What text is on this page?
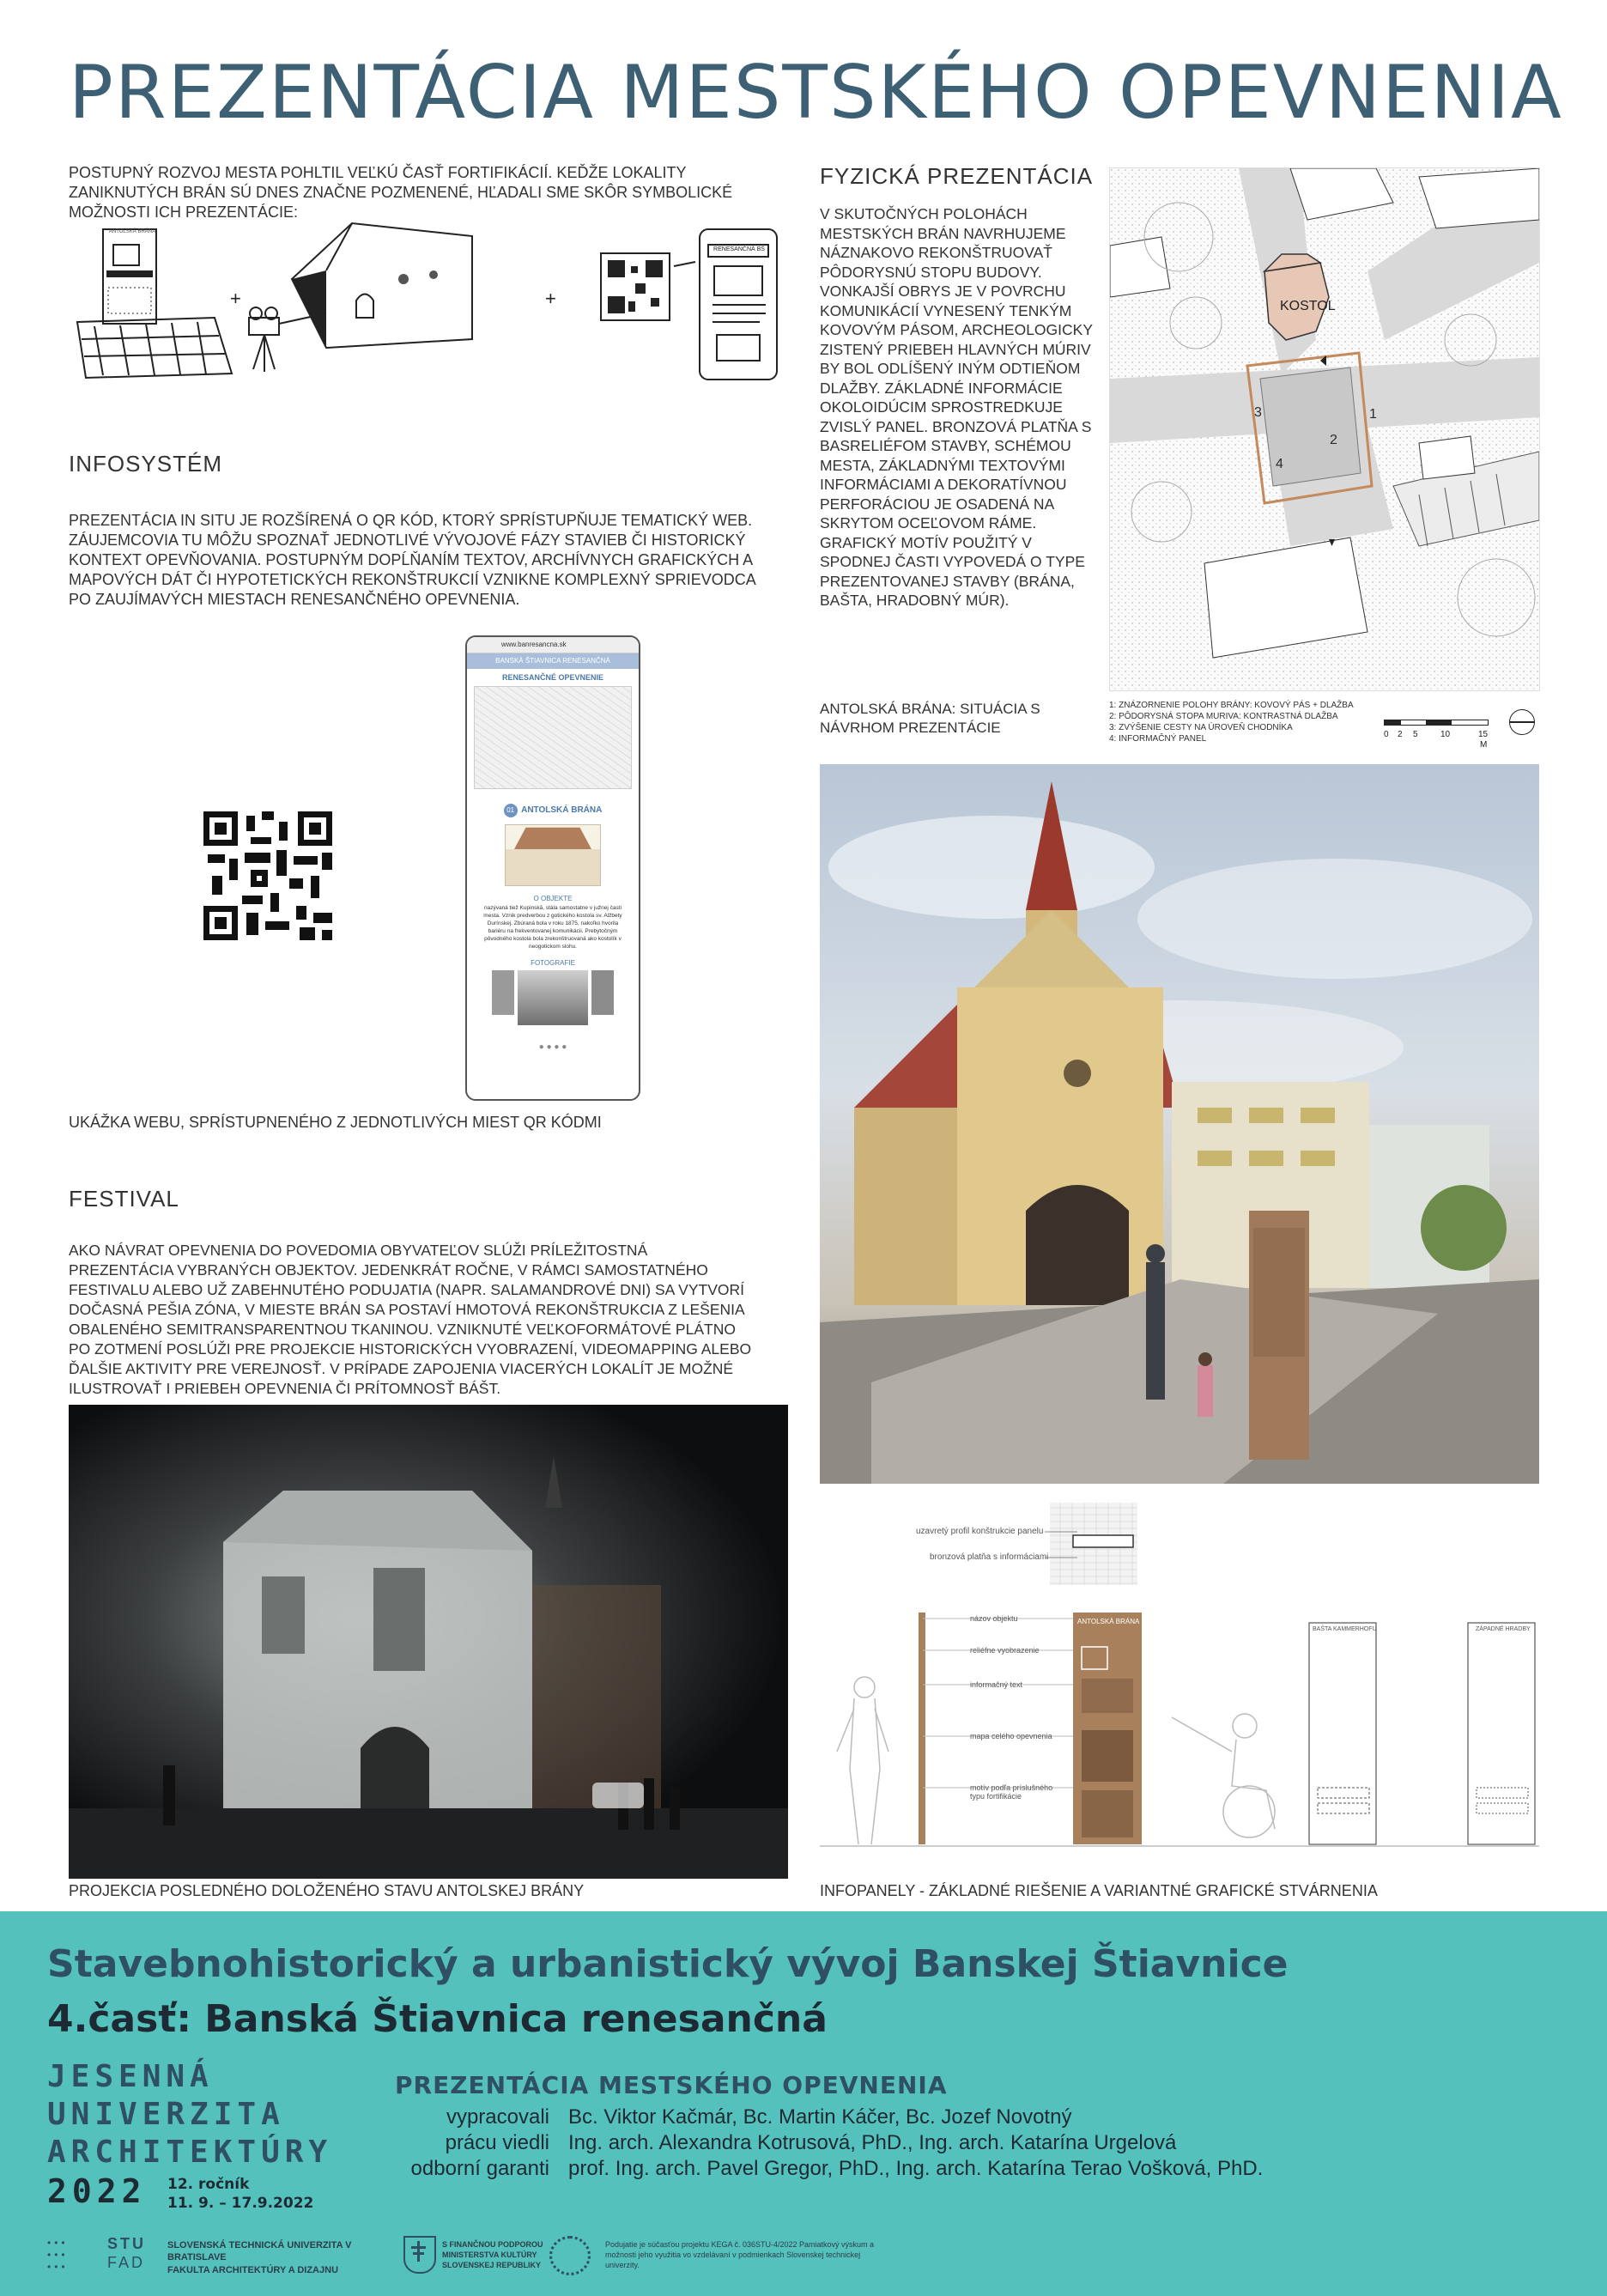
PREZENTÁCIA MESTSKÉHO OPEVNENIA
POSTUPNÝ ROZVOJ MESTA POHLTIL VEĽKÚ ČASŤ FORTIFIKÁCIÍ. KEĎŽE LOKALITY ZANIKNUTÝCH BRÁN SÚ DNES ZNAČNE POZMENENÉ, HĽADALI SME SKÔR SYMBOLICKÉ MOŽNOSTI ICH PREZENTÁCIE:
+	+
ANTOLSKÁ BRÁNA
RENESANČNÁ BŠ
INFOSYSTÉM
PREZENTÁCIA IN SITU JE ROZŠÍRENÁ O QR KÓD, KTORÝ SPRÍSTUPŇUJE TEMATICKÝ WEB. ZÁUJEMCOVIA TU MÔŽU SPOZNAŤ JEDNOTLIVÉ VÝVOJOVÉ FÁZY STAVIEB ČI HISTORICKÝ KONTEXT OPEVŇOVANIA. POSTUPNÝM DOPĹŇANÍM TEXTOV, ARCHÍVNYCH GRAFICKÝCH A MAPOVÝCH DÁT ČI HYPOTETICKÝCH REKONŠTRUKCIÍ VZNIKNE KOMPLEXNÝ SPRIEVODCA PO ZAUJÍMAVÝCH MIESTACH RENESANČNÉHO OPEVNENIA.
www.banresancna.sk
BANSKÁ ŠTIAVNICA RENESANČNÁ
RENESANČNÉ OPEVNENIE
01 ANTOLSKÁ BRÁNA
O OBJEKTE
nazývaná tiež Kupinskă, stála samostatne v južnej časti mesta. Vznik predverbou z gotického kostola sv. Alžbety Durínskej. Zbúraná bola v roku 1875, nakoľko hvorila bariéru na frekventovanej komunikácii. Prebytočným pôvodného kostola bola zrekonštruovaná ako kostolík v neogotickom slohu.
FOTOGRAFIE
● ● ● ●
UKÁŽKA WEBU, SPRÍSTUPNENÉHO Z JEDNOTLIVÝCH MIEST QR KÓDMI
FESTIVAL
AKO NÁVRAT OPEVNENIA DO POVEDOMIA OBYVATEĽOV SLÚŽI PRÍLEŽITOSTNÁ PREZENTÁCIA VYBRANÝCH OBJEKTOV. JEDENKRÁT ROČNE, V RÁMCI SAMOSTATNÉHO FESTIVALU ALEBO UŽ ZABEHNUTÉHO PODUJATIA (NAPR. SALAMANDROVÉ DNI) SA VYTVORÍ DOČASNÁ PEŠIA ZÓNA, V MIESTE BRÁN SA POSTAVÍ HMOTOVÁ REKONŠTRUKCIA Z LEŠENIA OBALENÉHO SEMITRANSPARENTNOU TKANINOU. VZNIKNUTÉ VEĽKOFORMÁTOVÉ PLÁTNO PO ZOTMENÍ POSLÚŽI PRE PROJEKCIE HISTORICKÝCH VYOBRAZENÍ, VIDEOMAPPING ALEBO ĎALŠIE AKTIVITY PRE VEREJNOSŤ. V PRÍPADE ZAPOJENIA VIACERÝCH LOKALÍT JE MOŽNÉ ILUSTROVAŤ I PRIEBEH OPEVNENIA ČI PRÍTOMNOSŤ BÁŠT.
PROJEKCIA POSLEDNÉHO DOLOŽENÉHO STAVU ANTOLSKEJ BRÁNY
FYZICKÁ PREZENTÁCIA
V SKUTOČNÝCH POLOHÁCH MESTSKÝCH BRÁN NAVRHUJEME NÁZNAKOVO REKONŠTRUOVAŤ PÔDORYSNÚ STOPU BUDOVY. VONKAJŠÍ OBRYS JE V POVRCHU KOMUNIKÁCIÍ VYNESENÝ TENKÝM KOVOVÝM PÁSOM, ARCHEOLOGICKY ZISTENÝ PRIEBEH HLAVNÝCH MÚRIV BY BOL ODLÍŠENÝ INÝM ODTIEŇOM DLAŽBY. ZÁKLADNÉ INFORMÁCIE OKOLOIDÚCIM SPROSTREDKUJE ZVISLÝ PANEL. BRONZOVÁ PLATŇA S BASRELIÉFOM STAVBY, SCHÉMOU MESTA, ZÁKLADNÝMI TEXTOVÝMI INFORMÁCIAMI A DEKORATÍVNOU PERFORÁCIOU JE OSADENÁ NA SKRYTOM OCEĽOVOM RÁME. GRAFICKÝ MOTÍV POUŽITÝ V SPODNEJ ČASTI VYPOVEDÁ O TYPE PREZENTOVANEJ STAVBY (BRÁNA, BAŠTA, HRADOBNÝ MÚR).
KOSTOL
1
2
3
4
ANTOLSKÁ BRÁNA: SITUÁCIA S NÁVRHOM PREZENTÁCIE
1: ZNÁZORNENIE POLOHY BRÁNY: KOVOVÝ PÁS + DLAŽBA
2: PÔDORYSNÁ STOPA MURIVA: KONTRASTNÁ DLAŽBA
3: ZVÝŠENIE CESTY NA ÚROVEŇ CHODNÍKA
4: INFORMAČNÝ PANEL	0 2 5	10	15
M
uzavretý profil konštrukcie panelu
bronzová platňa s informáciami
názov objektu
reliéfne vyobrazenie
informačný text
mapa celého opevnenia
motív podľa príslušného typu fortifikácie
ANTOLSKÁ BRÁNA
BAŠTA KAMMERHOFU	ZÁPADNÉ HRADBY
INFOPANELY - ZÁKLADNÉ RIEŠENIE A VARIANTNÉ GRAFICKÉ STVÁRNENIA
Stavebnohistorický a urbanistický vývoj Banskej Štiavnice
4.časť: Banská Štiavnica renesančná
JESENNÁ
UNIVERZITA
ARCHITEKTÚRY
2022 12. ročník
11. 9. – 17.9.2022
PREZENTÁCIA MESTSKÉHO OPEVNENIA
vypracovali Bc. Viktor Kačmár, Bc. Martin Káčer, Bc. Jozef Novotný
prácu viedli Ing. arch. Alexandra Kotrusová, PhD., Ing. arch. Katarína Urgelová
odborní garanti prof. Ing. arch. Pavel Gregor, PhD., Ing. arch. Katarína Terao Vošková, PhD.
•••
•••
•••
STU
FAD
SLOVENSKÁ TECHNICKÁ UNIVERZITA V BRATISLAVE
FAKULTA ARCHITEKTÚRY A DIZAJNU
S FINANČNOU PODPOROU MINISTERSTVA KULTÚRY SLOVENSKEJ REPUBLIKY
Podujatie je súčasťou projektu KEGA č. 036STU-4/2022 Pamiatkový výskum a možnosti jeho využitia vo vzdelávaní v podmienkach Slovenskej technickej univerzity.
